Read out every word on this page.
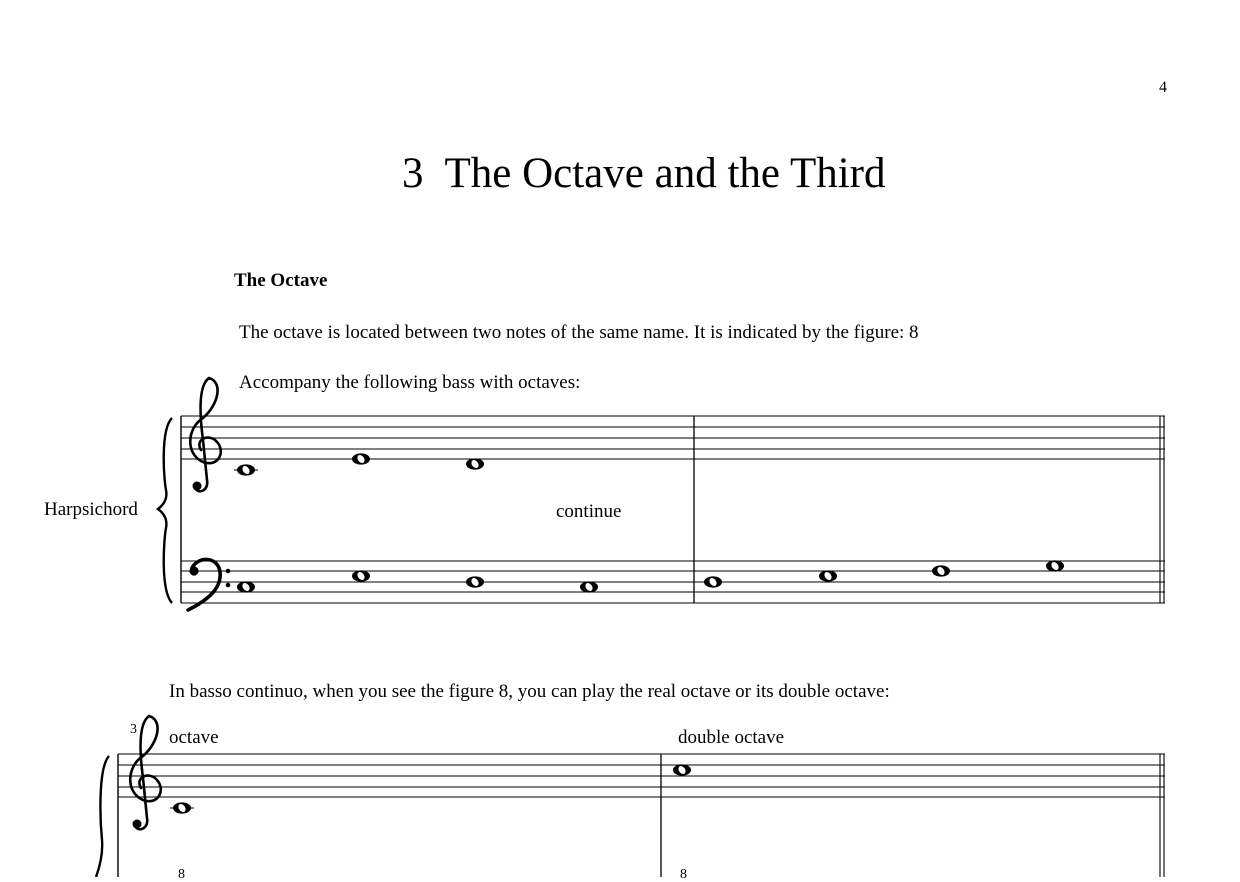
4
3 The Octave and the Third
The Octave
The octave is located between two notes of the same name. It is indicated by the figure: 8
Accompany the following bass with octaves:
Harpsichord	continue
In basso continuo, when you see the figure 8, you can play the real octave or its double octave:
3 octave	double octave
8	8
